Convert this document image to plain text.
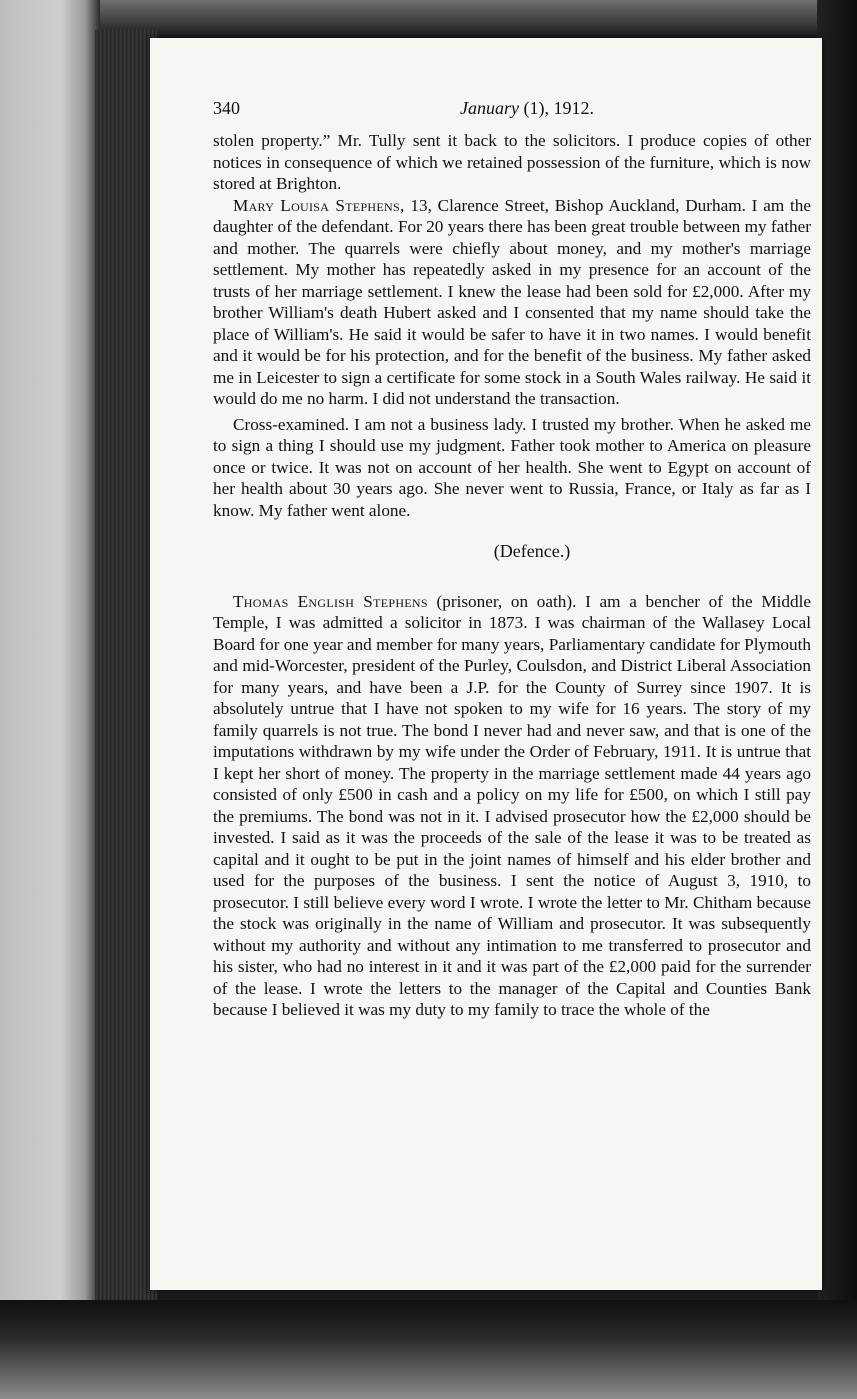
340	January (1), 1912.

stolen property.” Mr. Tully sent it back to the solicitors. I produce copies of other notices in consequence of which we retained possession of the furniture, which is now stored at Brighton.

Mary Louisa Stephens, 13, Clarence Street, Bishop Auckland, Durham. I am the daughter of the defendant. For 20 years there has been great trouble between my father and mother. The quarrels were chiefly about money, and my mother's marriage settlement. My mother has repeatedly asked in my presence for an account of the trusts of her marriage settlement. I knew the lease had been sold for £2,000. After my brother William's death Hubert asked and I consented that my name should take the place of William's. He said it would be safer to have it in two names. I would benefit and it would be for his protection, and for the benefit of the business. My father asked me in Leicester to sign a certificate for some stock in a South Wales railway. He said it would do me no harm. I did not understand the transaction.

Cross-examined. I am not a business lady. I trusted my brother. When he asked me to sign a thing I should use my judgment. Father took mother to America on pleasure once or twice. It was not on account of her health. She went to Egypt on account of her health about 30 years ago. She never went to Russia, France, or Italy as far as I know. My father went alone.

(Defence.)

Thomas English Stephens (prisoner, on oath). I am a bencher of the Middle Temple, I was admitted a solicitor in 1873. I was chairman of the Wallasey Local Board for one year and member for many years, Parliamentary candidate for Plymouth and mid-Worcester, president of the Purley, Coulsdon, and District Liberal Association for many years, and have been a J.P. for the County of Surrey since 1907. It is absolutely untrue that I have not spoken to my wife for 16 years. The story of my family quarrels is not true. The bond I never had and never saw, and that is one of the imputations withdrawn by my wife under the Order of February, 1911. It is untrue that I kept her short of money. The property in the marriage settlement made 44 years ago consisted of only £500 in cash and a policy on my life for £500, on which I still pay the premiums. The bond was not in it. I advised prosecutor how the £2,000 should be invested. I said as it was the proceeds of the sale of the lease it was to be treated as capital and it ought to be put in the joint names of himself and his elder brother and used for the purposes of the business. I sent the notice of August 3, 1910, to prosecutor. I still believe every word I wrote. I wrote the letter to Mr. Chitham because the stock was originally in the name of William and prosecutor. It was subsequently without my authority and without any intimation to me transferred to prosecutor and his sister, who had no interest in it and it was part of the £2,000 paid for the surrender of the lease. I wrote the letters to the manager of the Capital and Counties Bank because I believed it was my duty to my family to trace the whole of the
